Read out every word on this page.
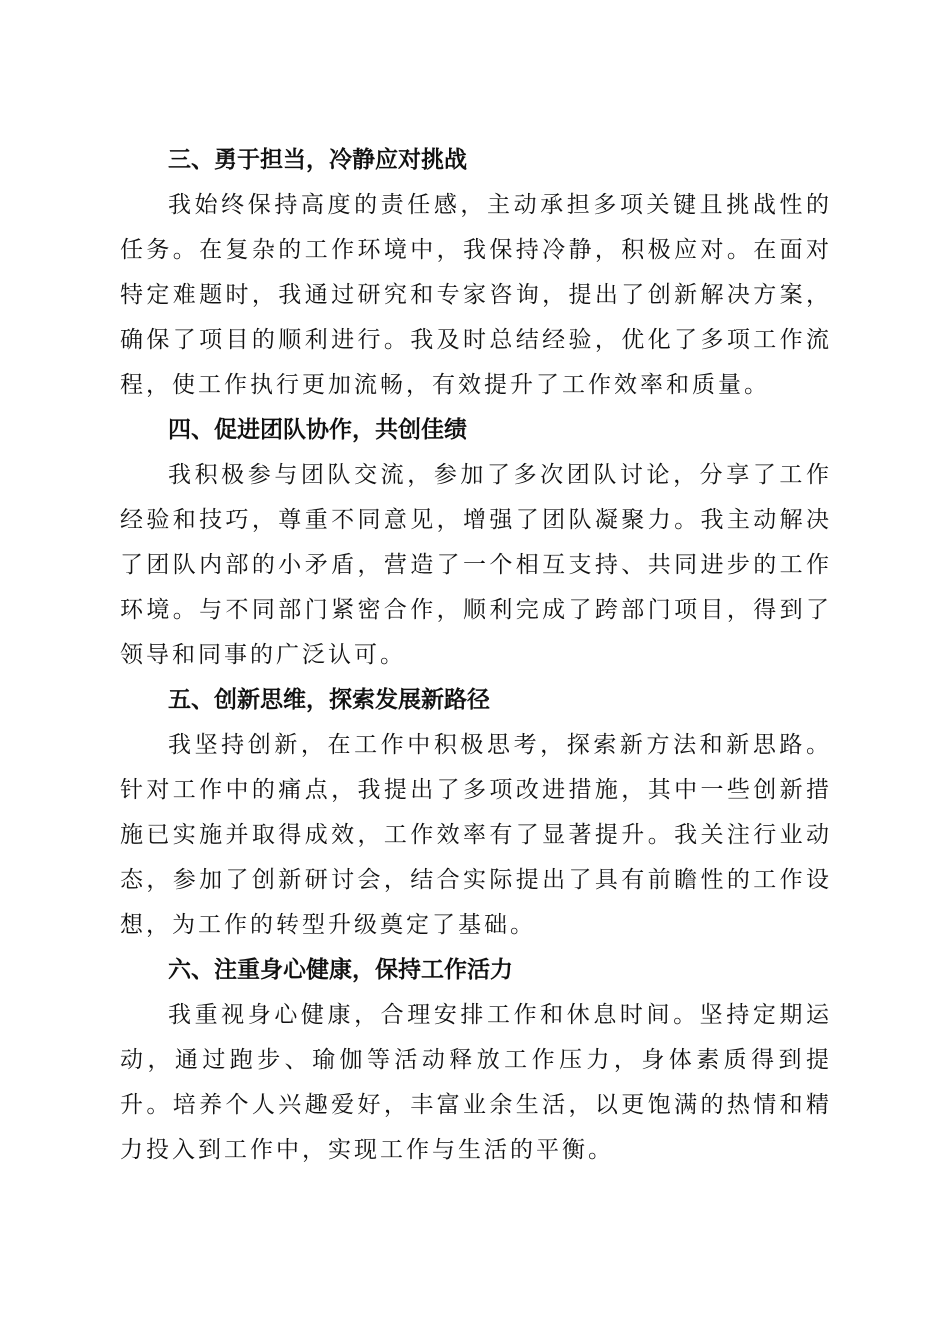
三、勇于担当，冷静应对挑战

我始终保持高度的责任感，主动承担多项关键且挑战性的任务。在复杂的工作环境中，我保持冷静，积极应对。在面对特定难题时，我通过研究和专家咨询，提出了创新解决方案，确保了项目的顺利进行。我及时总结经验，优化了多项工作流程，使工作执行更加流畅，有效提升了工作效率和质量。

四、促进团队协作，共创佳绩

我积极参与团队交流，参加了多次团队讨论，分享了工作经验和技巧，尊重不同意见，增强了团队凝聚力。我主动解决了团队内部的小矛盾，营造了一个相互支持、共同进步的工作环境。与不同部门紧密合作，顺利完成了跨部门项目，得到了领导和同事的广泛认可。

五、创新思维，探索发展新路径

我坚持创新，在工作中积极思考，探索新方法和新思路。针对工作中的痛点，我提出了多项改进措施，其中一些创新措施已实施并取得成效，工作效率有了显著提升。我关注行业动态，参加了创新研讨会，结合实际提出了具有前瞻性的工作设想，为工作的转型升级奠定了基础。

六、注重身心健康，保持工作活力

我重视身心健康，合理安排工作和休息时间。坚持定期运动，通过跑步、瑜伽等活动释放工作压力，身体素质得到提升。培养个人兴趣爱好，丰富业余生活，以更饱满的热情和精力投入到工作中，实现工作与生活的平衡。
